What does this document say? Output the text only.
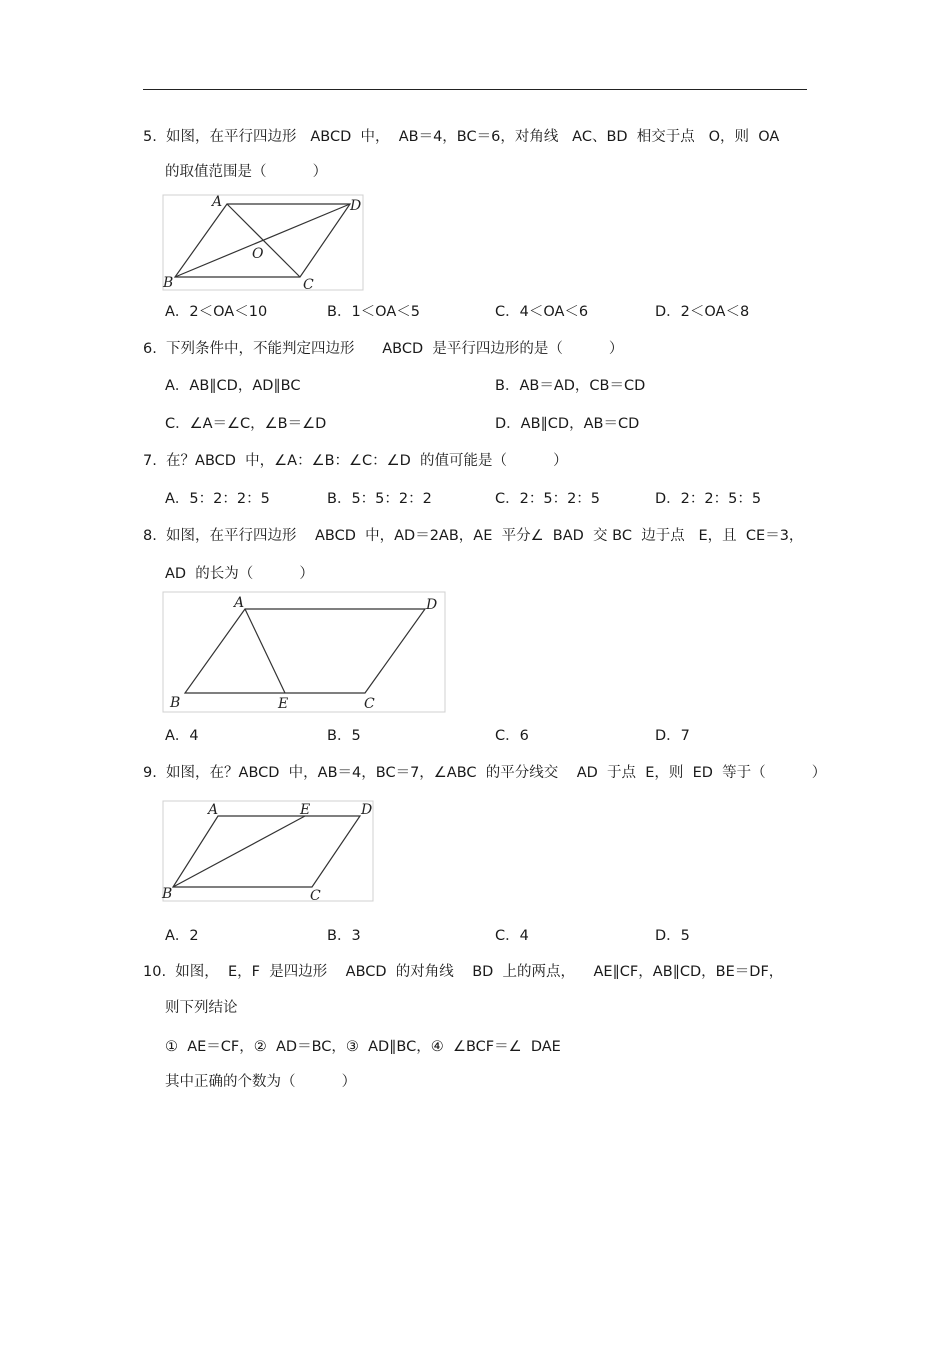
5.  如图，在平行四边形   ABCD  中，  AB＝4，BC＝6，对角线   AC、BD  相交于点   O，则  OA
的取值范围是（          ）
A	D
O
B	C
A．2＜OA＜10	B．1＜OA＜5	C．4＜OA＜6	D．2＜OA＜8
6.  下列条件中，不能判定四边形      ABCD  是平行四边形的是（          ）
A．AB∥CD，AD∥BC	B．AB＝AD，CB＝CD
C．∠A＝∠C，∠B＝∠D	D．AB∥CD，AB＝CD
7.  在？ABCD  中，∠A：∠B：∠C：∠D  的值可能是（          ）
A．5：2：2：5	B．5：5：2：2	C．2：5：2：5	D．2：2：5：5
8.  如图，在平行四边形    ABCD  中，AD＝2AB，AE  平分∠  BAD  交 BC  边于点   E，且  CE＝3，
AD  的长为（          ）
A	D
B	E	C
A．4	B．5	C．6	D．7
9.  如图，在？ABCD  中，AB＝4，BC＝7，∠ABC  的平分线交    AD  于点  E，则  ED  等于（          ）
A	E	D
B	C
A．2	B．3	C．4	D．5
10.  如图，  E，F  是四边形    ABCD  的对角线    BD  上的两点，    AE∥CF，AB∥CD，BE＝DF，
则下列结论
①  AE＝CF，②  AD＝BC，③  AD∥BC，④  ∠BCF＝∠  DAE
其中正确的个数为（          ）
